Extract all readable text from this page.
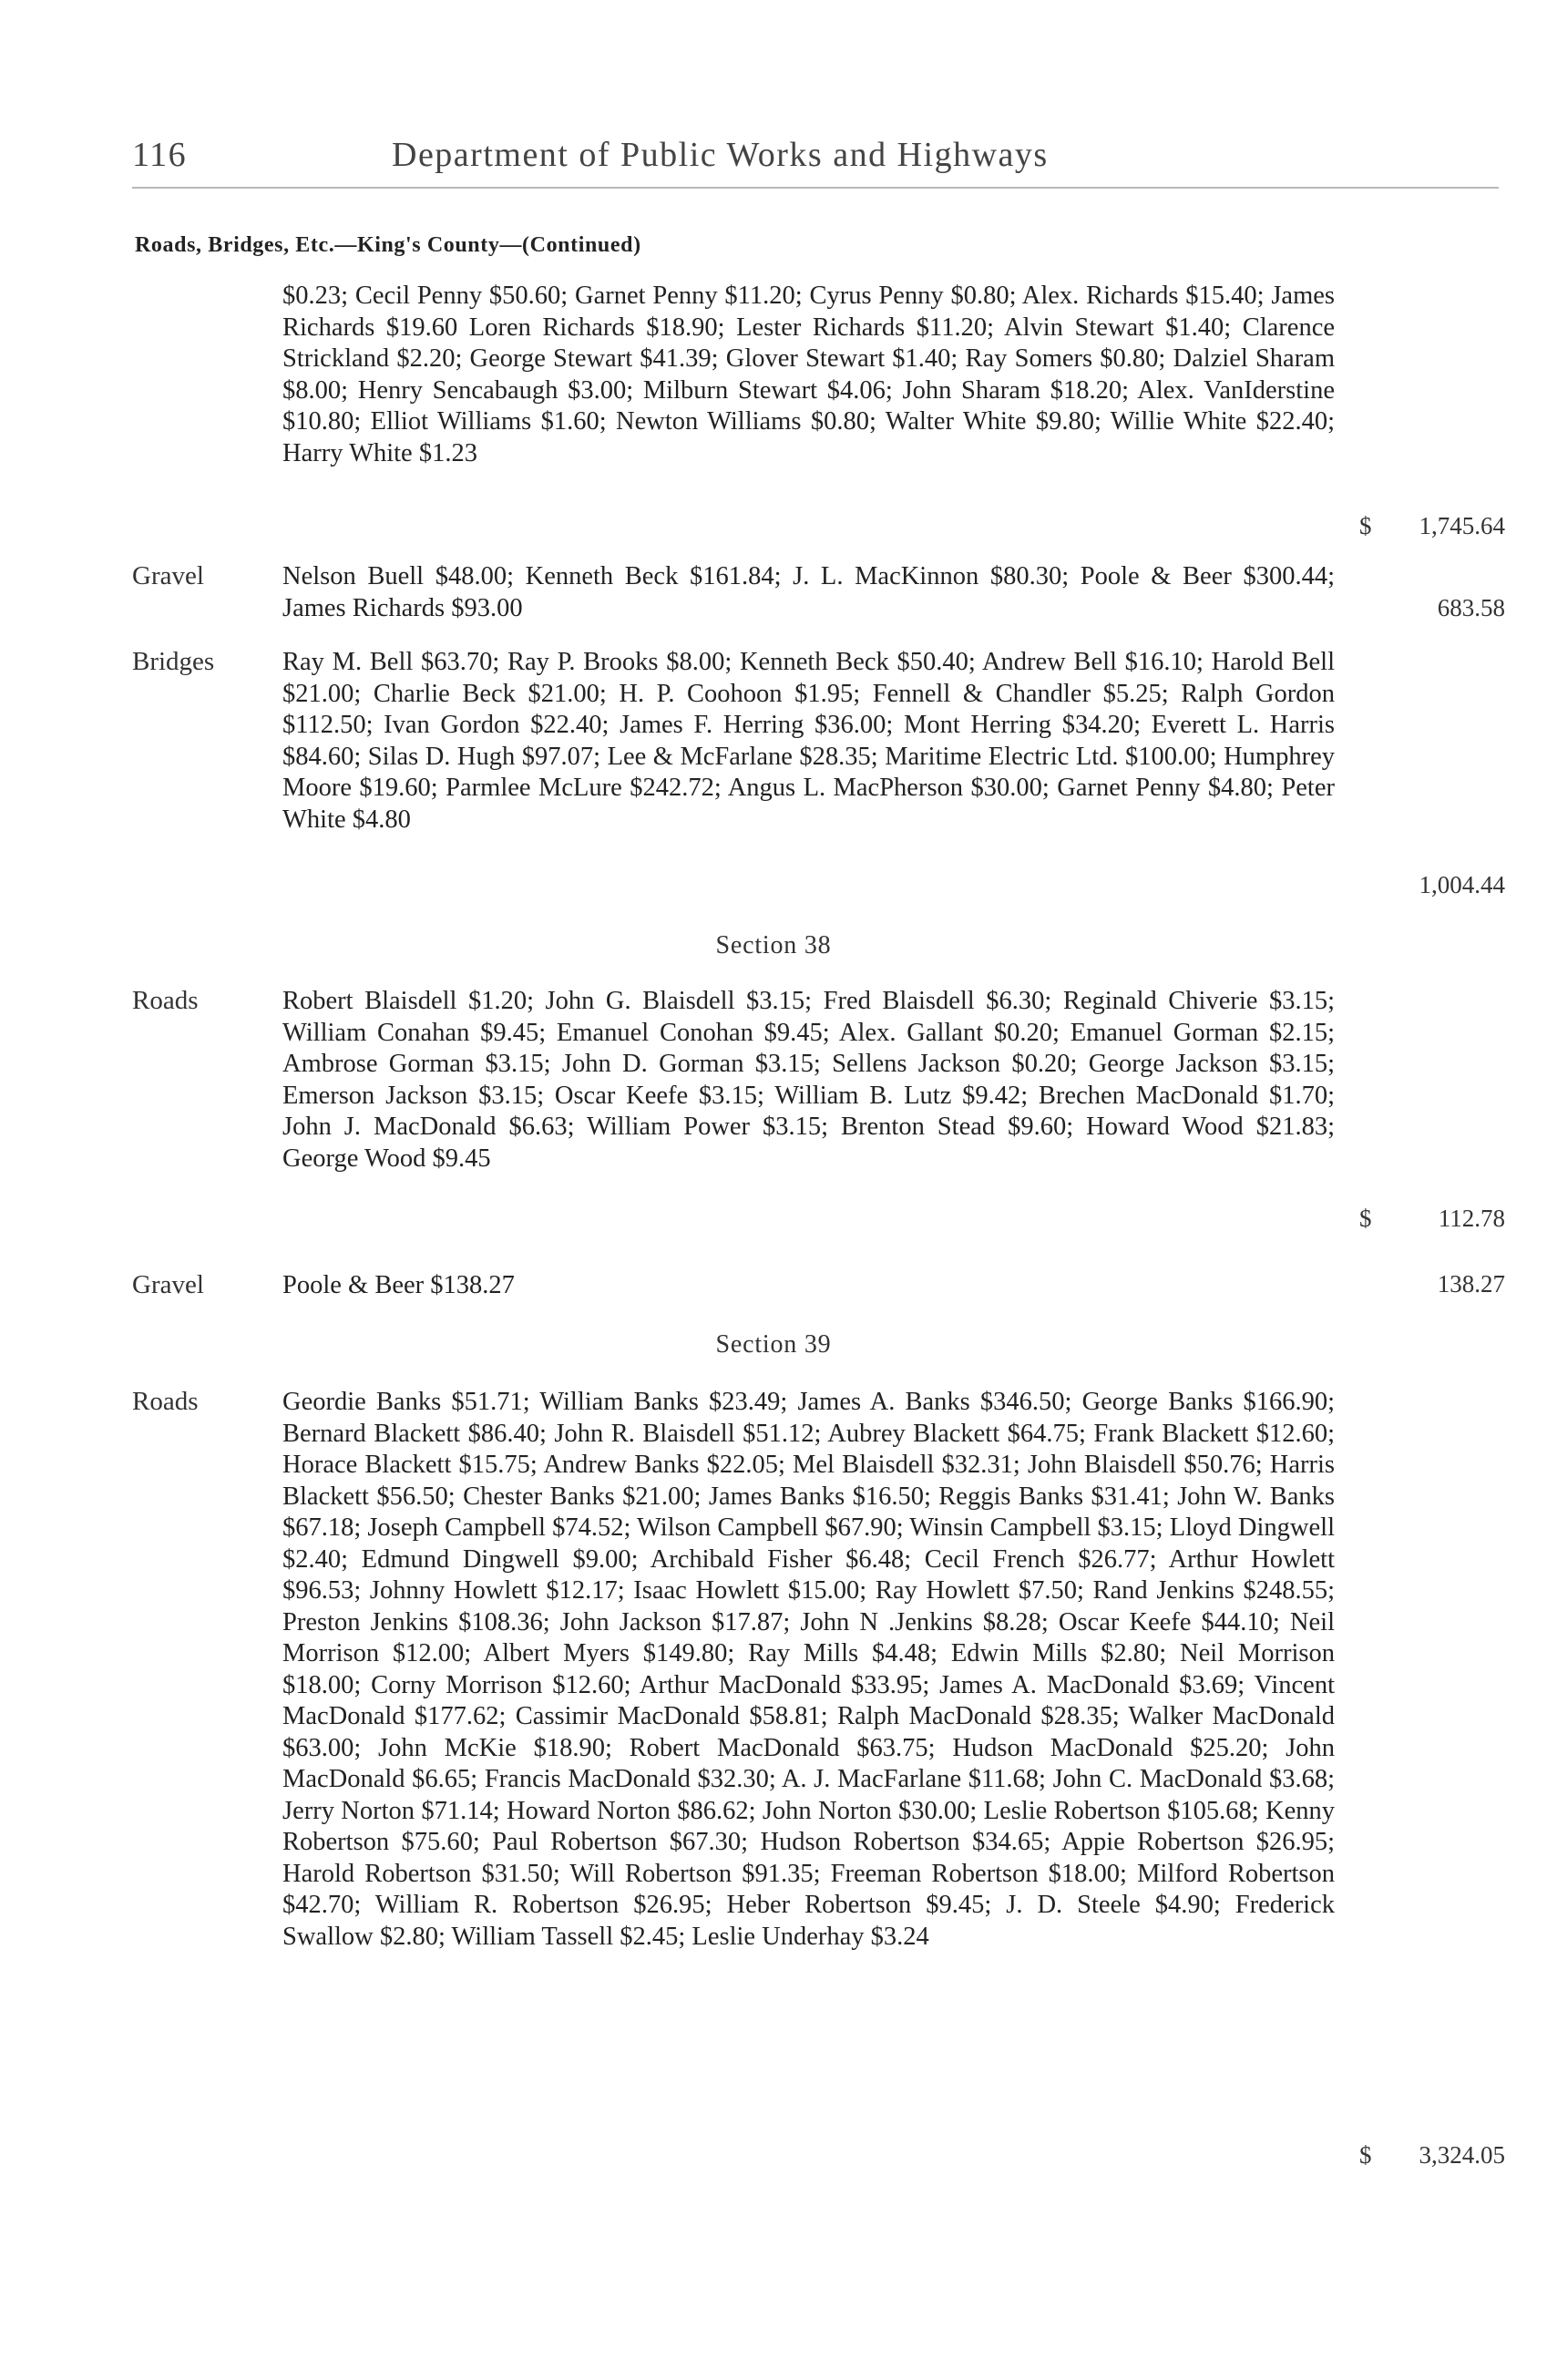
116	Department of Public Works and Highways
Roads, Bridges, Etc.—King's County—(Continued)
$0.23; Cecil Penny $50.60; Garnet Penny $11.20; Cyrus Penny $0.80; Alex. Richards $15.40; James Richards $19.60 Loren Richards $18.90; Lester Richards $11.20; Alvin Stewart $1.40; Clarence Strickland $2.20; George Stewart $41.39; Glover Stewart $1.40; Ray Somers $0.80; Dalziel Sharam $8.00; Henry Sencabaugh $3.00; Milburn Stewart $4.06; John Sharam $18.20; Alex. VanIderstine $10.80; Elliot Williams $1.60; Newton Williams $0.80; Walter White $9.80; Willie White $22.40; Harry White $1.23
$ 1,745.64
Gravel	Nelson Buell $48.00; Kenneth Beck $161.84; J. L. MacKinnon $80.30; Poole & Beer $300.44; James Richards $93.00	683.58
Bridges	Ray M. Bell $63.70; Ray P. Brooks $8.00; Kenneth Beck $50.40; Andrew Bell $16.10; Harold Bell $21.00; Charlie Beck $21.00; H. P. Coohoon $1.95; Fennell & Chandler $5.25; Ralph Gordon $112.50; Ivan Gordon $22.40; James F. Herring $36.00; Mont Herring $34.20; Everett L. Harris $84.60; Silas D. Hugh $97.07; Lee & McFarlane $28.35; Maritime Electric Ltd. $100.00; Humphrey Moore $19.60; Parmlee McLure $242.72; Angus L. MacPherson $30.00; Garnet Penny $4.80; Peter White $4.80
1,004.44
Section 38
Roads	Robert Blaisdell $1.20; John G. Blaisdell $3.15; Fred Blaisdell $6.30; Reginald Chiverie $3.15; William Conahan $9.45; Emanuel Conohan $9.45; Alex. Gallant $0.20; Emanuel Gorman $2.15; Ambrose Gorman $3.15; John D. Gorman $3.15; Sellens Jackson $0.20; George Jackson $3.15; Emerson Jackson $3.15; Oscar Keefe $3.15; William B. Lutz $9.42; Brechen MacDonald $1.70; John J. MacDonald $6.63; William Power $3.15; Brenton Stead $9.60; Howard Wood $21.83; George Wood $9.45
$	112.78
Gravel	Poole & Beer $138.27	138.27
Section 39
Roads	Geordie Banks $51.71; William Banks $23.49; James A. Banks $346.50; George Banks $166.90; Bernard Blackett $86.40; John R. Blaisdell $51.12; Aubrey Blackett $64.75; Frank Blackett $12.60; Horace Blackett $15.75; Andrew Banks $22.05; Mel Blaisdell $32.31; John Blaisdell $50.76; Harris Blackett $56.50; Chester Banks $21.00; James Banks $16.50; Reggis Banks $31.41; John W. Banks $67.18; Joseph Campbell $74.52; Wilson Campbell $67.90; Winsin Campbell $3.15; Lloyd Dingwell $2.40; Edmund Dingwell $9.00; Archibald Fisher $6.48; Cecil French $26.77; Arthur Howlett $96.53; Johnny Howlett $12.17; Isaac Howlett $15.00; Ray Howlett $7.50; Rand Jenkins $248.55; Preston Jenkins $108.36; John Jackson $17.87; John N .Jenkins $8.28; Oscar Keefe $44.10; Neil Morrison $12.00; Albert Myers $149.80; Ray Mills $4.48; Edwin Mills $2.80; Neil Morrison $18.00; Corny Morrison $12.60; Arthur MacDonald $33.95; James A. MacDonald $3.69; Vincent MacDonald $177.62; Cassimir MacDonald $58.81; Ralph MacDonald $28.35; Walker MacDonald $63.00; John McKie $18.90; Robert MacDonald $63.75; Hudson MacDonald $25.20; John MacDonald $6.65; Francis MacDonald $32.30; A. J. MacFarlane $11.68; John C. MacDonald $3.68; Jerry Norton $71.14; Howard Norton $86.62; John Norton $30.00; Leslie Robertson $105.68; Kenny Robertson $75.60; Paul Robertson $67.30; Hudson Robertson $34.65; Appie Robertson $26.95; Harold Robertson $31.50; Will Robertson $91.35; Freeman Robertson $18.00; Milford Robertson $42.70; William R. Robertson $26.95; Heber Robertson $9.45; J. D. Steele $4.90; Frederick Swallow $2.80; William Tassell $2.45; Leslie Underhay $3.24
$ 3,324.05
